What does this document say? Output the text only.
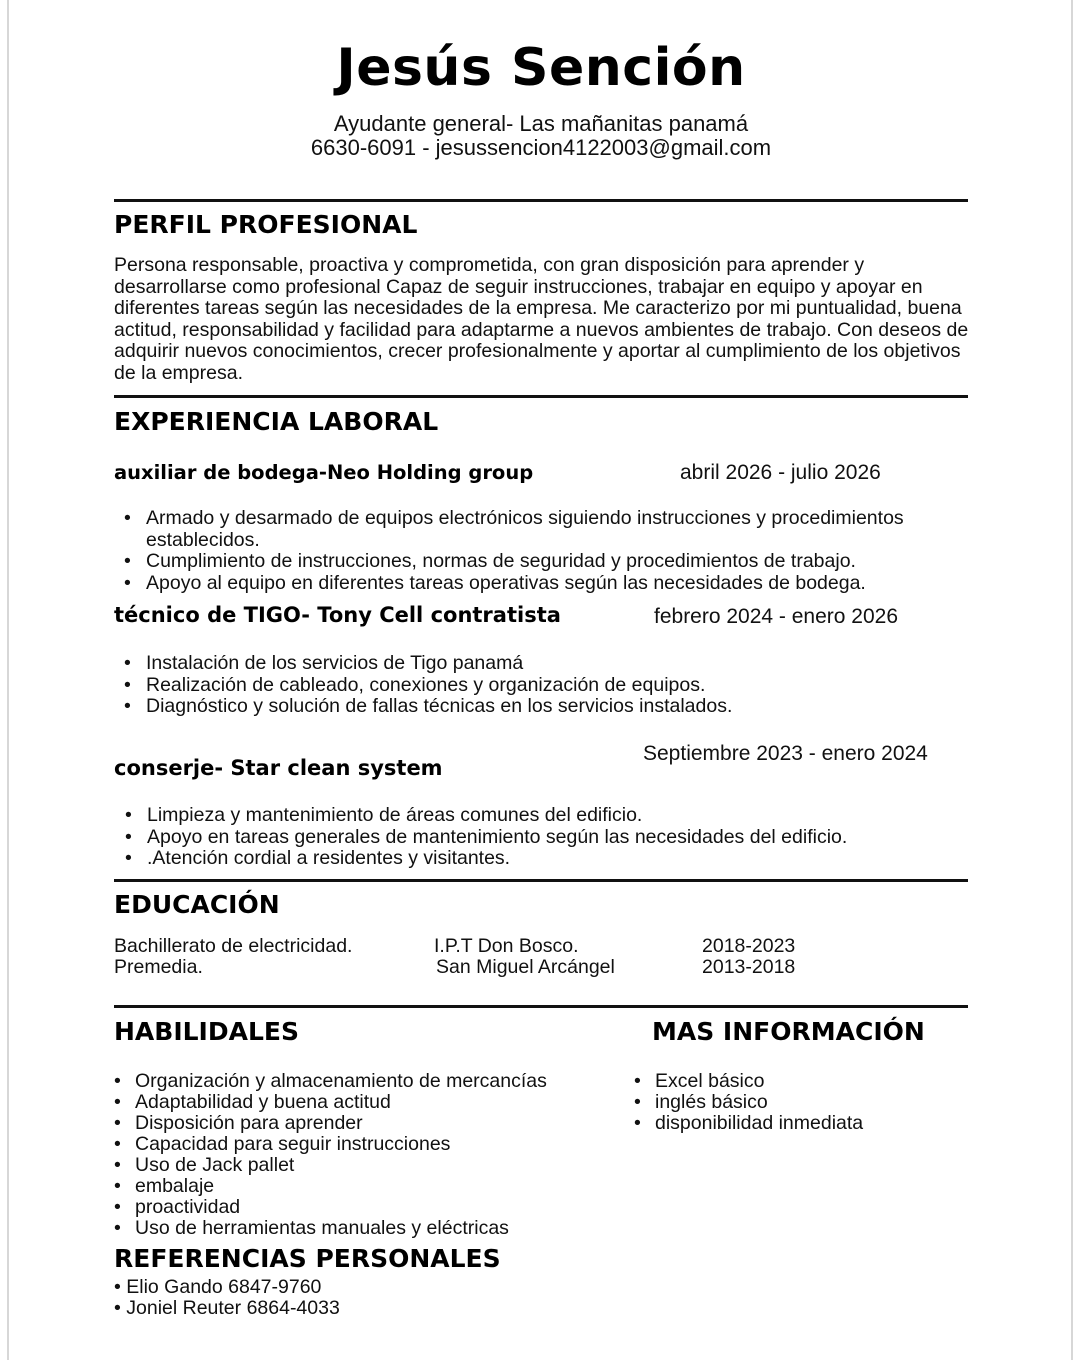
Jesús Sención
Ayudante general- Las mañanitas panamá
6630-6091 - jesussencion4122003@gmail.com
PERFIL PROFESIONAL
Persona responsable, proactiva y comprometida, con gran disposición para aprender y desarrollarse como profesional Capaz de seguir instrucciones, trabajar en equipo y apoyar en diferentes tareas según las necesidades de la empresa. Me caracterizo por mi puntualidad, buena actitud, responsabilidad y facilidad para adaptarme a nuevos ambientes de trabajo. Con deseos de adquirir nuevos conocimientos, crecer profesionalmente y aportar al cumplimiento de los objetivos de la empresa.
EXPERIENCIA LABORAL
auxiliar de bodega-Neo Holding group	abril 2026 - julio 2026
• Armado y desarmado de equipos electrónicos siguiendo instrucciones y procedimientos establecidos.
• Cumplimiento de instrucciones, normas de seguridad y procedimientos de trabajo.
• Apoyo al equipo en diferentes tareas operativas según las necesidades de bodega.
técnico de TIGO- Tony Cell contratista	febrero 2024 - enero 2026
• Instalación de los servicios de Tigo panamá
• Realización de cableado, conexiones y organización de equipos.
• Diagnóstico y solución de fallas técnicas en los servicios instalados.
Septiembre 2023 - enero 2024
conserje- Star clean system
• Limpieza y mantenimiento de áreas comunes del edificio.
• Apoyo en tareas generales de mantenimiento según las necesidades del edificio.
• .Atención cordial a residentes y visitantes.
EDUCACIÓN
Bachillerato de electricidad.	I.P.T Don Bosco.	2018-2023
Premedia.	San Miguel Arcángel	2013-2018
HABILIDALES	MAS INFORMACIÓN
• Organización y almacenamiento de mercancías
• Adaptabilidad y buena actitud
• Disposición para aprender
• Capacidad para seguir instrucciones
• Uso de Jack pallet
• embalaje
• proactividad
• Uso de herramientas manuales y eléctricas
• Excel básico
• inglés básico
• disponibilidad inmediata
REFERENCIAS PERSONALES
• Elio Gando 6847-9760
• Joniel Reuter 6864-4033
